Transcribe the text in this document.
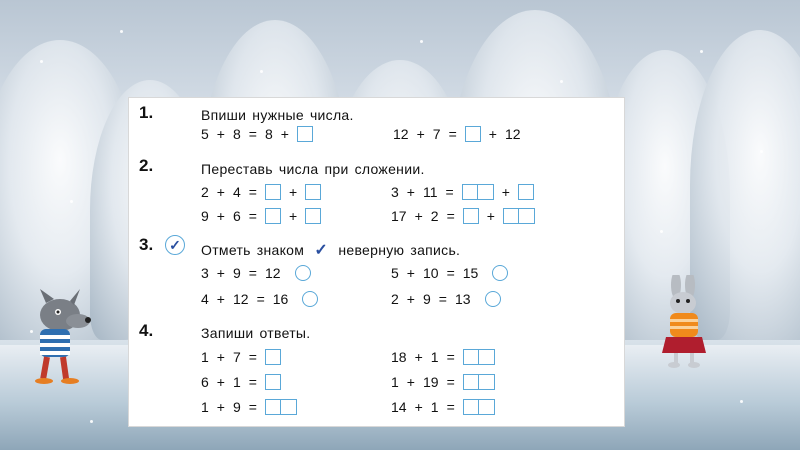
1.	Впиши нужные числа.
5 + 8 = 8 +	12 + 7 = + 12
2.	Переставь числа при сложении.
2 + 4 = +	3 + 11 =	+
9 + 6 = +	17 + 2 = +
3. ✓ Отметь знаком ✓ неверную запись.
3 + 9 = 12	5 + 10 = 15
4 + 12 = 16	2 + 9 = 13
4.	Запиши ответы.
1 + 7 =	18 + 1 =
6 + 1 =	1 + 19 =
1 + 9 =	14 + 1 =
